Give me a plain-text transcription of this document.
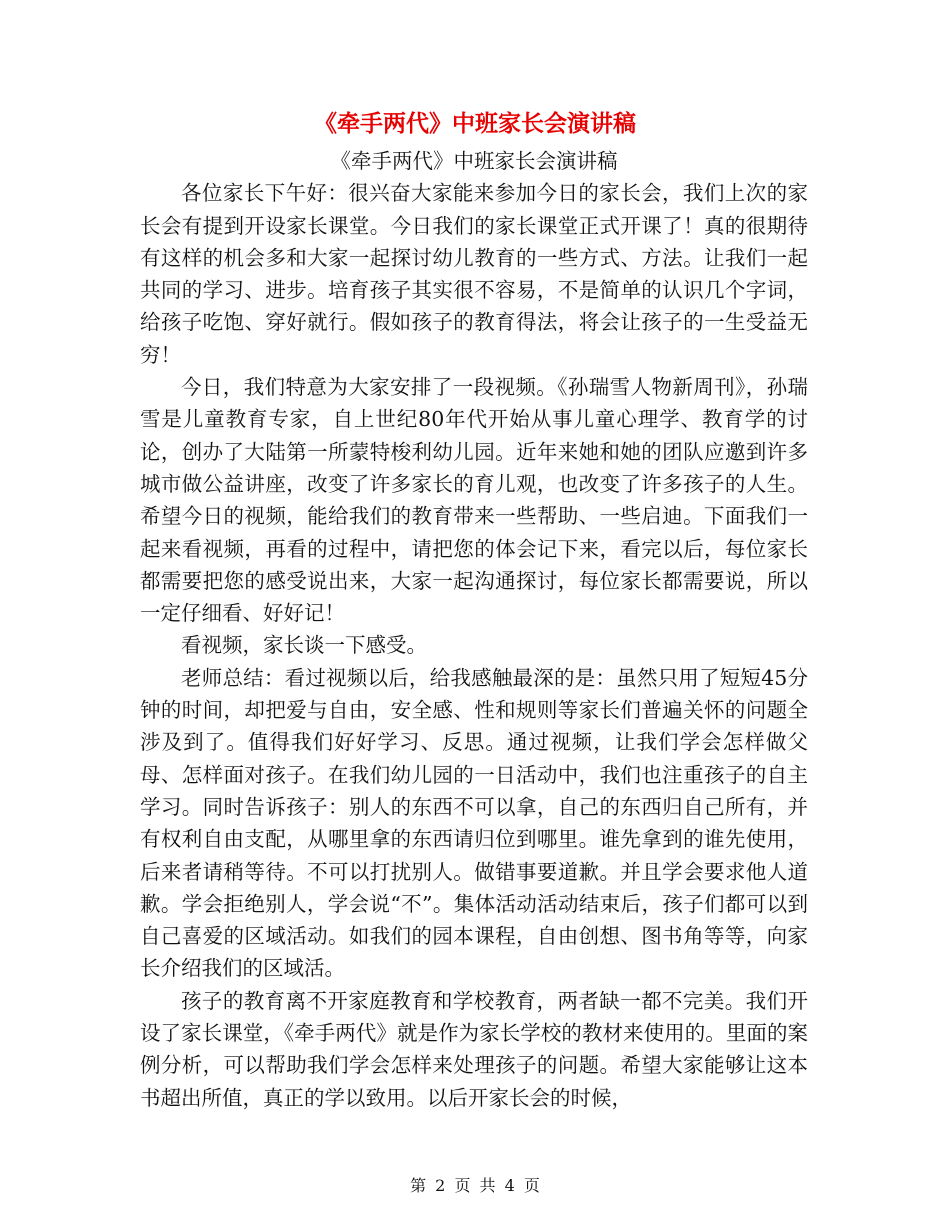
《牵手两代》中班家长会演讲稿

《牵手两代》中班家长会演讲稿

各位家长下午好：很兴奋大家能来参加今日的家长会，我们上次的家长会有提到开设家长课堂。今日我们的家长课堂正式开课了！真的很期待有这样的机会多和大家一起探讨幼儿教育的一些方式、方法。让我们一起共同的学习、进步。培育孩子其实很不容易，不是简单的认识几个字词，给孩子吃饱、穿好就行。假如孩子的教育得法，将会让孩子的一生受益无穷！

今日，我们特意为大家安排了一段视频。《孙瑞雪人物新周刊》，孙瑞雪是儿童教育专家，自上世纪80年代开始从事儿童心理学、教育学的讨论，创办了大陆第一所蒙特梭利幼儿园。近年来她和她的团队应邀到许多城市做公益讲座，改变了许多家长的育儿观，也改变了许多孩子的人生。希望今日的视频，能给我们的教育带来一些帮助、一些启迪。下面我们一起来看视频，再看的过程中，请把您的体会记下来，看完以后，每位家长都需要把您的感受说出来，大家一起沟通探讨，每位家长都需要说，所以一定仔细看、好好记！

看视频，家长谈一下感受。

老师总结：看过视频以后，给我感触最深的是：虽然只用了短短45分钟的时间，却把爱与自由，安全感、性和规则等家长们普遍关怀的问题全涉及到了。值得我们好好学习、反思。通过视频，让我们学会怎样做父母、怎样面对孩子。在我们幼儿园的一日活动中，我们也注重孩子的自主学习。同时告诉孩子：别人的东西不可以拿，自己的东西归自己所有，并有权利自由支配，从哪里拿的东西请归位到哪里。谁先拿到的谁先使用，后来者请稍等待。不可以打扰别人。做错事要道歉。并且学会要求他人道歉。学会拒绝别人，学会说“不”。集体活动活动结束后，孩子们都可以到自己喜爱的区域活动。如我们的园本课程，自由创想、图书角等等，向家长介绍我们的区域活。

孩子的教育离不开家庭教育和学校教育，两者缺一都不完美。我们开设了家长课堂，《牵手两代》就是作为家长学校的教材来使用的。里面的案例分析，可以帮助我们学会怎样来处理孩子的问题。希望大家能够让这本书超出所值，真正的学以致用。以后开家长会的时候，

第 2 页 共 4 页
